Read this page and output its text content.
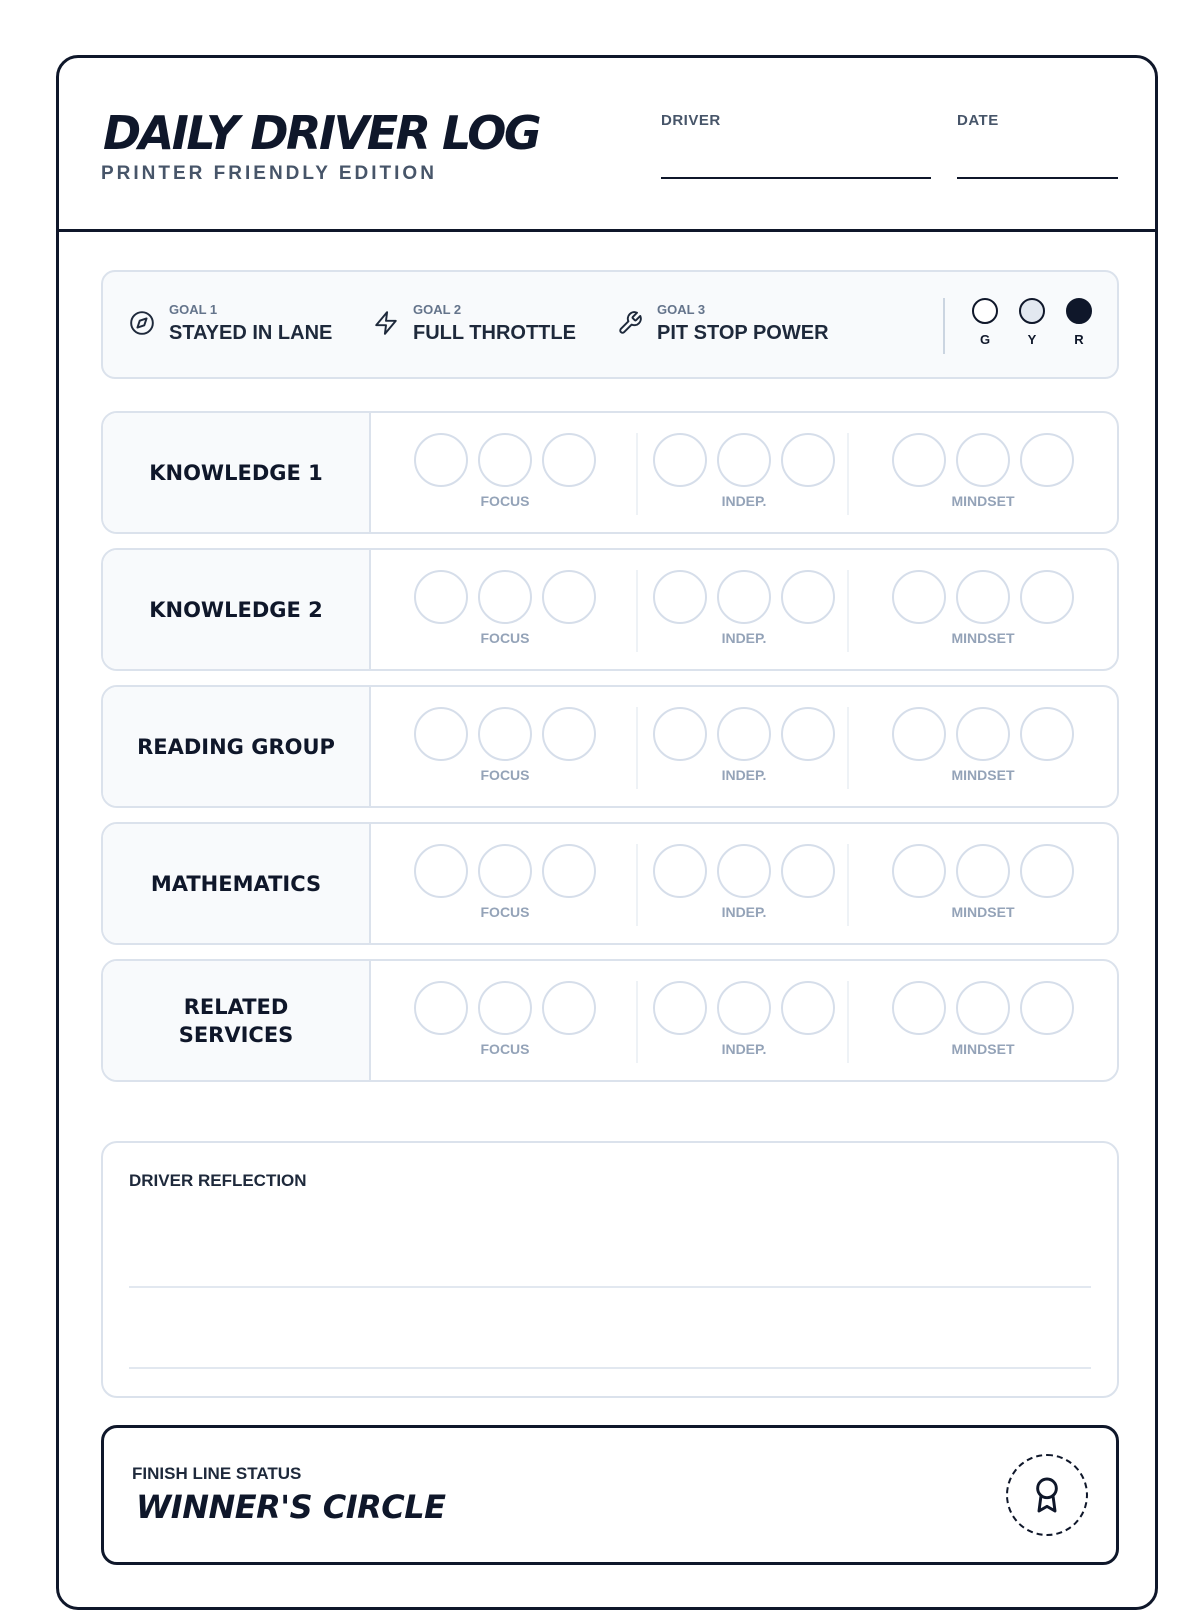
DAILY DRIVER LOG
PRINTER FRIENDLY EDITION
DRIVER	DATE
GOAL 1
STAYED IN LANE
GOAL 2
FULL THROTTLE
GOAL 3
PIT STOP POWER	G	Y	R
KNOWLEDGE 1
FOCUS	INDEP.	MINDSET
KNOWLEDGE 2
FOCUS	INDEP.	MINDSET
READING GROUP
FOCUS	INDEP.	MINDSET
MATHEMATICS
FOCUS	INDEP.	MINDSET
RELATED SERVICES
FOCUS	INDEP.	MINDSET
DRIVER REFLECTION
FINISH LINE STATUS
WINNER'S CIRCLE
